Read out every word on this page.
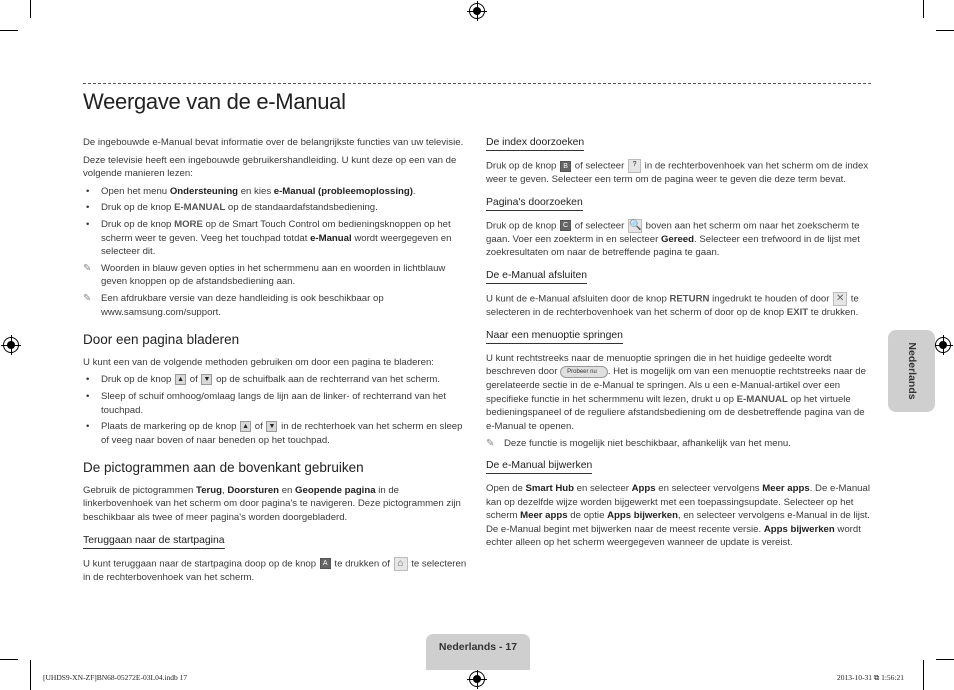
Weergave van de e-Manual

De ingebouwde e-Manual bevat informatie over de belangrijkste functies van uw televisie.

Deze televisie heeft een ingebouwde gebruikershandleiding. U kunt deze op een van de volgende manieren lezen:

• Open het menu Ondersteuning en kies e-Manual (probleemoplossing).
• Druk op de knop E-MANUAL op de standaardafstandsbediening.
• Druk op de knop MORE op de Smart Touch Control om bedieningsknoppen op het scherm weer te geven. Veeg het touchpad totdat e-Manual wordt weergegeven en selecteer dit.
✎ Woorden in blauw geven opties in het schermmenu aan en woorden in lichtblauw geven knoppen op de afstandsbediening aan.
✎ Een afdrukbare versie van deze handleiding is ook beschikbaar op www.samsung.com/support.
Door een pagina bladeren

U kunt een van de volgende methoden gebruiken om door een pagina te bladeren:

• Druk op de knop ▲ of ▼ op de schuifbalk aan de rechterrand van het scherm.
• Sleep of schuif omhoog/omlaag langs de lijn aan de linker- of rechterrand van het touchpad.
• Plaats de markering op de knop ▲ of ▼ in de rechterhoek van het scherm en sleep of veeg naar boven of naar beneden op het touchpad.
De pictogrammen aan de bovenkant gebruiken

Gebruik de pictogrammen Terug, Doorsturen en Geopende pagina in de linkerbovenhoek van het scherm om door pagina's te navigeren. Deze pictogrammen zijn beschikbaar als twee of meer pagina's worden doorgebladerd.

Teruggaan naar de startpagina

U kunt teruggaan naar de startpagina doop op de knop A te drukken of ⌂ te selecteren in de rechterbovenhoek van het scherm.

De index doorzoeken

Druk op de knop B of selecteer ? in de rechterbovenhoek van het scherm om de index weer te geven. Selecteer een term om de pagina weer te geven die deze term bevat.

Pagina's doorzoeken

Druk op de knop C of selecteer 🔍 boven aan het scherm om naar het zoekscherm te gaan. Voer een zoekterm in en selecteer Gereed. Selecteer een trefwoord in de lijst met zoekresultaten om naar de betreffende pagina te gaan.

De e-Manual afsluiten

U kunt de e-Manual afsluiten door de knop RETURN ingedrukt te houden of door ✕ te selecteren in de rechterbovenhoek van het scherm of door op de knop EXIT te drukken.

Naar een menuoptie springen

U kunt rechtstreeks naar de menuoptie springen die in het huidige gedeelte wordt beschreven door Probeer nu . Het is mogelijk om van een menuoptie rechtstreeks naar de gerelateerde sectie in de e-Manual te springen. Als u een e-Manual-artikel over een specifieke functie in het schermmenu wilt lezen, drukt u op E-MANUAL op het virtuele bedieningspaneel of de reguliere afstandsbediening om de desbetreffende pagina van de e-Manual te openen.

✎ Deze functie is mogelijk niet beschikbaar, afhankelijk van het menu.
De e-Manual bijwerken

Open de Smart Hub en selecteer Apps en selecteer vervolgens Meer apps. De e-Manual kan op dezelfde wijze worden bijgewerkt met een toepassingsupdate. Selecteer op het scherm Meer apps de optie Apps bijwerken, en selecteer vervolgens e-Manual in de lijst. De e-Manual begint met bijwerken naar de meest recente versie. Apps bijwerken wordt echter alleen op het scherm weergegeven wanneer de update is vereist.

Nederlands
Nederlands - 17
[UHDS9-XN-ZF]BN68-05272E-03L04.indb 17	2013-10-31 ⧉ 1:56:21
